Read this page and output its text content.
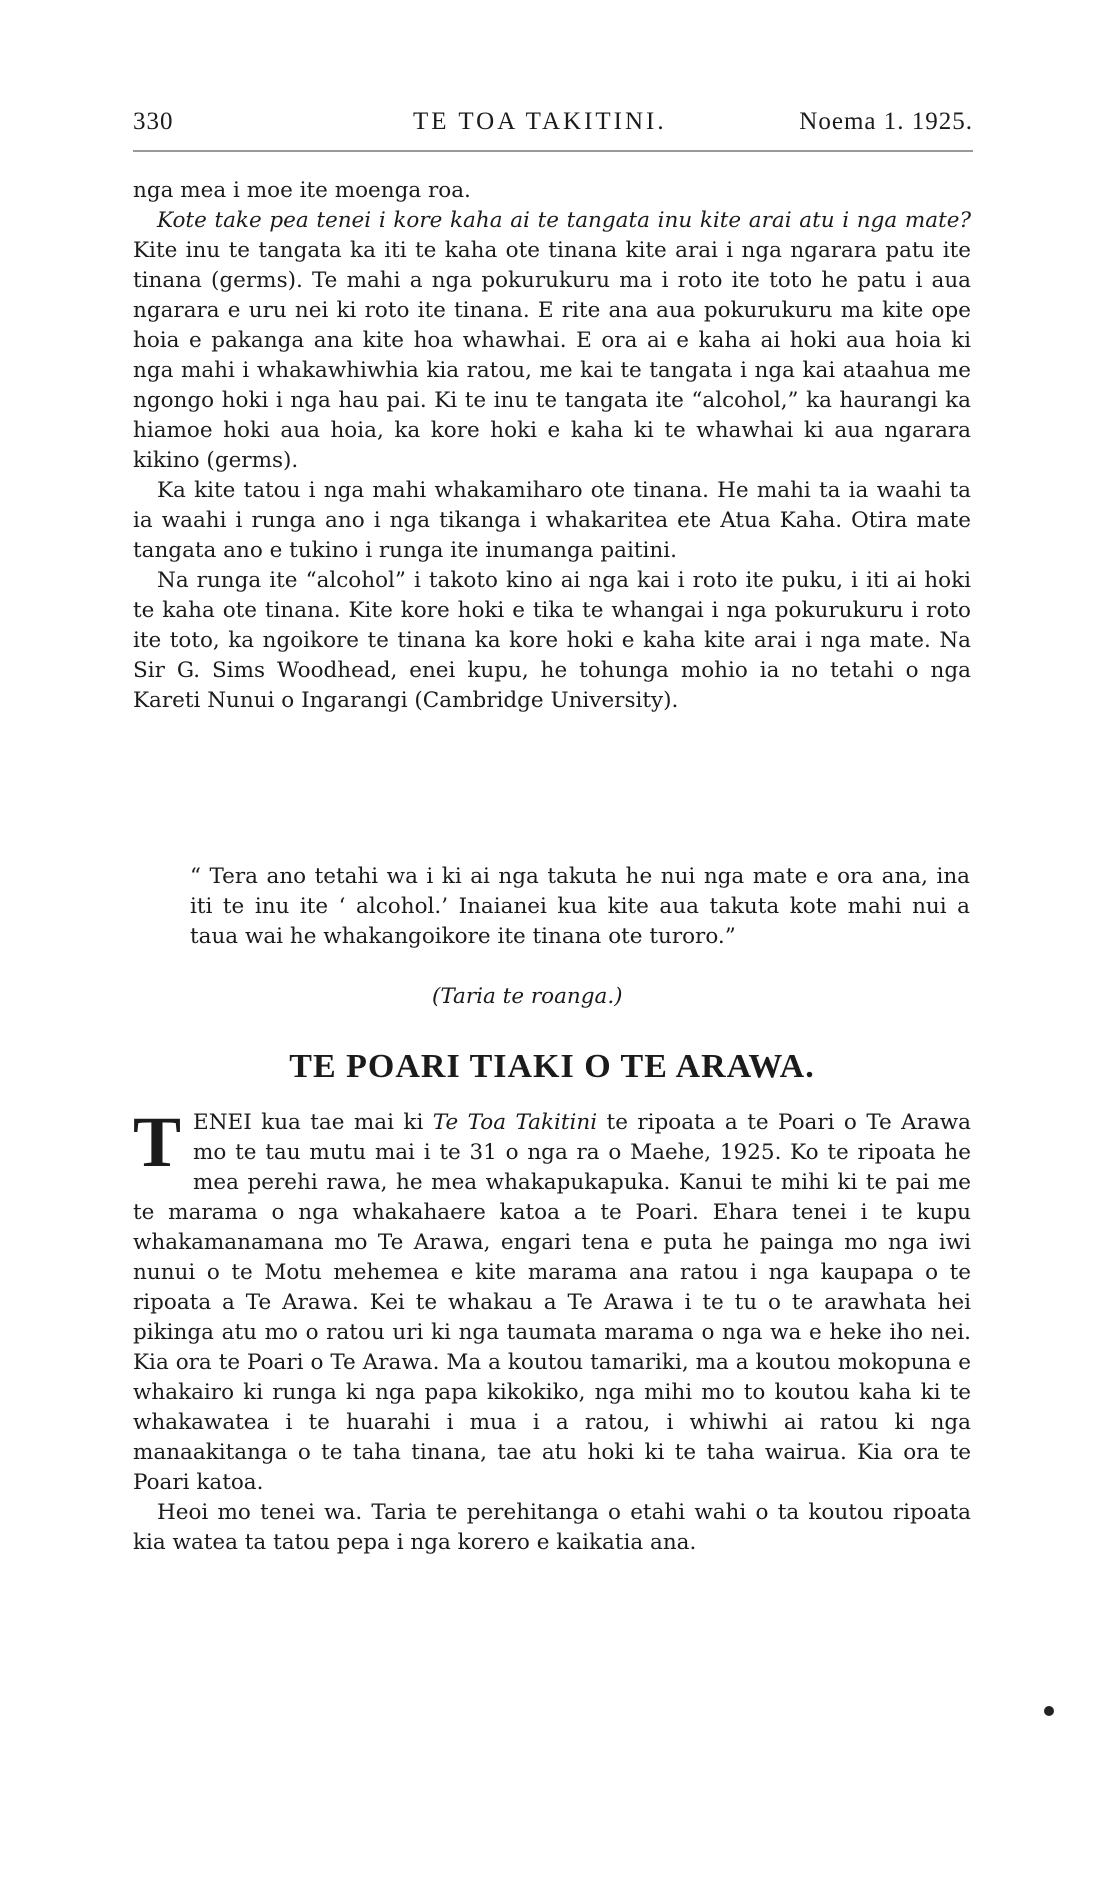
330	TE TOA TAKITINI.	Noema 1. 1925.

nga mea i moe ite moenga roa.

Kote take pea tenei i kore kaha ai te tangata inu kite arai atu i nga mate? Kite inu te tangata ka iti te kaha ote tinana kite arai i nga ngarara patu ite tinana (germs). Te mahi a nga pokurukuru ma i roto ite toto he patu i aua ngarara e uru nei ki roto ite tinana. E rite ana aua pokurukuru ma kite ope hoia e pakanga ana kite hoa whawhai. E ora ai e kaha ai hoki aua hoia ki nga mahi i whakawhiwhia kia ratou, me kai te tangata i nga kai ataahua me ngongo hoki i nga hau pai. Ki te inu te tangata ite “alcohol,” ka haurangi ka hiamoe hoki aua hoia, ka kore hoki e kaha ki te whawhai ki aua ngarara kikino (germs).

Ka kite tatou i nga mahi whakamiharo ote tinana. He mahi ta ia waahi ta ia waahi i runga ano i nga tikanga i whakaritea ete Atua Kaha. Otira mate tangata ano e tukino i runga ite inumanga paitini.

Na runga ite “alcohol” i takoto kino ai nga kai i roto ite puku, i iti ai hoki te kaha ote tinana. Kite kore hoki e tika te whangai i nga pokurukuru i roto ite toto, ka ngoikore te tinana ka kore hoki e kaha kite arai i nga mate. Na Sir G. Sims Woodhead, enei kupu, he tohunga mohio ia no tetahi o nga Kareti Nunui o Ingarangi (Cambridge University).

“ Tera ano tetahi wa i ki ai nga takuta he nui nga mate e ora ana, ina iti te inu ite ‘ alcohol.’ Inaianei kua kite aua takuta kote mahi nui a taua wai he whakangoikore ite tinana ote turoro.”

(Taria te roanga.)
TE POARI TIAKI O TE ARAWA.

TENEI kua tae mai ki Te Toa Takitini te ripoata a te Poari o Te Arawa mo te tau mutu mai i te 31 o nga ra o Maehe, 1925. Ko te ripoata he mea perehi rawa, he mea whakapukapuka. Kanui te mihi ki te pai me te marama o nga whakahaere katoa a te Poari. Ehara tenei i te kupu whakamanamana mo Te Arawa, engari tena e puta he painga mo nga iwi nunui o te Motu mehemea e kite marama ana ratou i nga kaupapa o te ripoata a Te Arawa. Kei te whakau a Te Arawa i te tu o te arawhata hei pikinga atu mo o ratou uri ki nga taumata marama o nga wa e heke iho nei. Kia ora te Poari o Te Arawa. Ma a koutou tamariki, ma a koutou mokopuna e whakairo ki runga ki nga papa kikokiko, nga mihi mo to koutou kaha ki te whakawatea i te huarahi i mua i a ratou, i whiwhi ai ratou ki nga manaakitanga o te taha tinana, tae atu hoki ki te taha wairua. Kia ora te Poari katoa.

Heoi mo tenei wa. Taria te perehitanga o etahi wahi o ta koutou ripoata kia watea ta tatou pepa i nga korero e kaikatia ana.
